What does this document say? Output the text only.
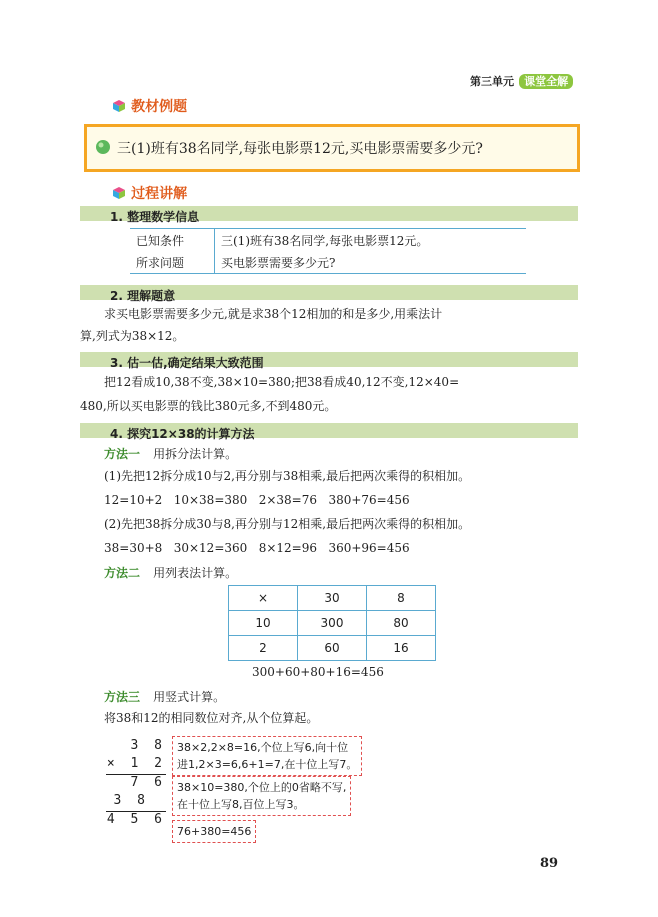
第三单元 课堂全解
教材例题
三(1)班有38名同学,每张电影票12元,买电影票需要多少元?
过程讲解
1. 整理数学信息
已知条件	三(1)班有38名同学,每张电影票12元。
所求问题	买电影票需要多少元?
2. 理解题意
求买电影票需要多少元,就是求38个12相加的和是多少,用乘法计
算,列式为38×12。
3. 估一估,确定结果大致范围
把12看成10,38不变,38×10=380;把38看成40,12不变,12×40=
480,所以买电影票的钱比380元多,不到480元。
4. 探究12×38的计算方法
方法一 用拆分法计算。
(1)先把12拆分成10与2,再分别与38相乘,最后把两次乘得的积相加。
12=10+2   10×38=380   2×38=76   380+76=456
(2)先把38拆分成30与8,再分别与12相乘,最后把两次乘得的积相加。
38=30+8   30×12=360   8×12=96   360+96=456
方法二 用列表法计算。
×	30	8
10	300	80
2	60	16
300+60+80+16=456
方法三 用竖式计算。
将38和12的相同数位对齐,从个位算起。
3 8
× 1 2
7 6
3 8
4 5 6
38×2,2×8=16,个位上写6,向十位
进1,2×3=6,6+1=7,在十位上写7。
38×10=380,个位上的0省略不写,
在十位上写8,百位上写3。
76+380=456
89
